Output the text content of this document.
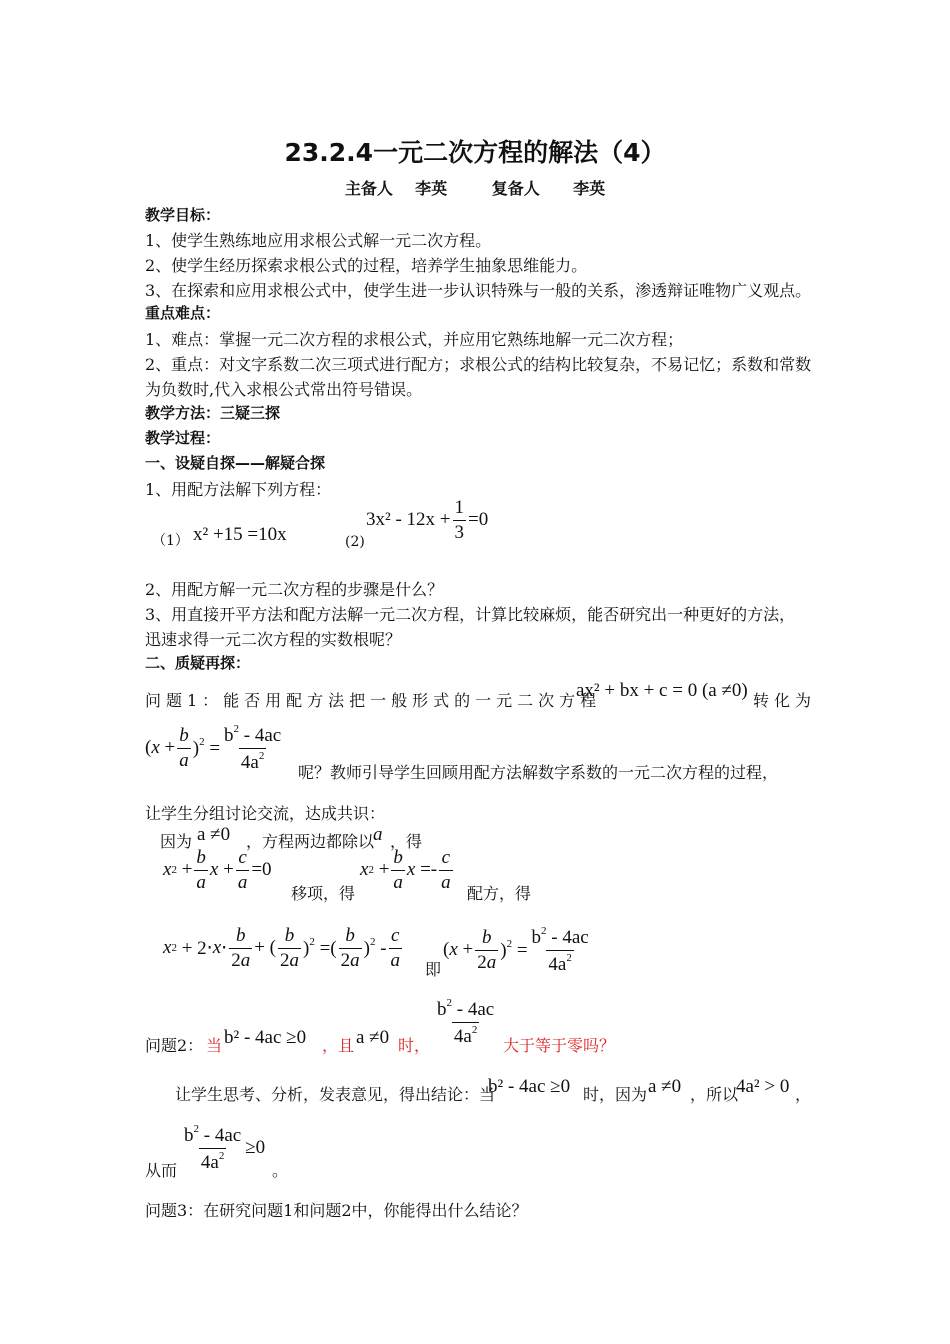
23.2.4一元二次方程的解法（4）
主备人 李英	复备人 李英
教学目标：
1、使学生熟练地应用求根公式解一元二次方程。
2、使学生经历探索求根公式的过程，培养学生抽象思维能力。
3、在探索和应用求根公式中，使学生进一步认识特殊与一般的关系，渗透辩证唯物广义观点。
重点难点：
1、难点：掌握一元二次方程的求根公式，并应用它熟练地解一元二次方程；
2、重点：对文字系数二次三项式进行配方；求根公式的结构比较复杂，不易记忆；系数和常数
为负数时,代入求根公式常出符号错误。
教学方法：三疑三探
教学过程：
一、设疑自探——解疑合探
1、用配方法解下列方程：
（1） x² +15 =10x	(2)
$3x^2 - 12x + \frac{1}{3} =0$
2、用配方解一元二次方程的步骤是什么？
3、用直接开平方法和配方法解一元二次方程，计算比较麻烦，能否研究出一种更好的方法，
迅速求得一元二次方程的实数根呢？
二、质疑再探：
问题1：能否用配方法把一般形式的一元二次方程
ax² + bx + c = 0 (a ≠0) 转化为
( $x + \frac{b}{a} )^2 = \frac{b^2 - 4ac}{4a^2}$ 呢？教师引导学生回顾用配方法解数字系数的一元二次方程的过程，
让学生分组讨论交流，达成共识：
因为 a ≠0 ，方程两边都除以
a ，得
x $2 + \frac{b}{a}$ $x + \frac{c}{a} =0$
移项，得
x $2 + \frac{b}{a}$ $x =- \frac{c}{a}$
配方，得
x $2 + 2\cdot x \cdot \frac{b}{2a}$ + ( $\frac{b}{2a} )^2$ =( $\frac{b}{2a} )^2 - \frac{c}{a}$ 即
( $x + \frac{b}{2a} )^2 = \frac{b^2 - 4ac}{4a^2}$
问题2： 当 b² - 4ac ≥0 ，且 a ≠0 时， $\frac{b^2 - 4ac}{4a^2}$ 大于等于零吗？
让学生思考、分析，发表意见，得出结论：当
b² - 4ac ≥0 时，因为 a ≠0 ，所以
4a² > 0 ，
从而 $\frac{b^2 - 4ac}{4a^2} \ge 0$
。
问题3：在研究问题1和问题2中，你能得出什么结论？
